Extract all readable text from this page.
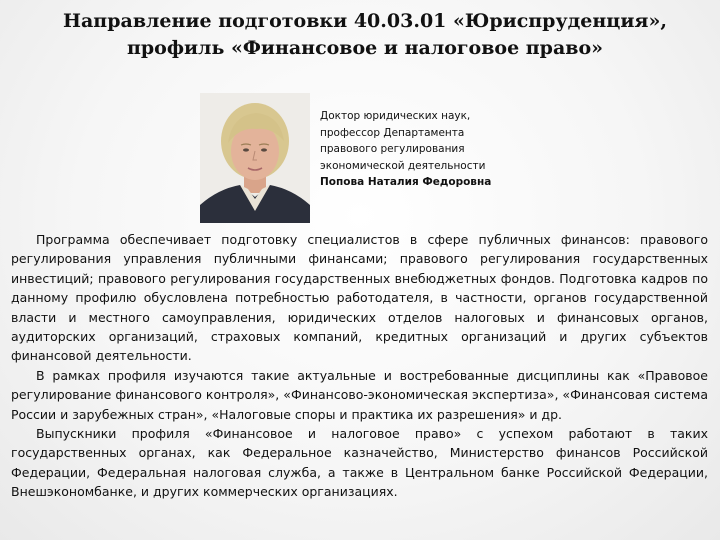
Направление подготовки 40.03.01 «Юриспруденция»,
профиль «Финансовое и налоговое право»
Доктор юридических наук,
профессор Департамента
правового регулирования
экономической деятельности
Попова Наталия Федоровна

Программа обеспечивает подготовку специалистов в сфере публичных финансов: правового регулирования управления публичными финансами; правового регулирования государственных инвестиций; правового регулирования государственных внебюджетных фондов. Подготовка кадров по данному профилю обусловлена потребностью работодателя, в частности, органов государственной власти и местного самоуправления, юридических отделов налоговых и финансовых органов, аудиторских организаций, страховых компаний, кредитных организаций и других субъектов финансовой деятельности.

В рамках профиля изучаются такие актуальные и востребованные дисциплины как «Правовое регулирование финансового контроля», «Финансово-экономическая экспертиза», «Финансовая система России и зарубежных стран», «Налоговые споры и практика их разрешения» и др.

Выпускники профиля «Финансовое и налоговое право» с успехом работают в таких государственных органах, как Федеральное казначейство, Министерство финансов Российской Федерации, Федеральная налоговая служба, а также в Центральном банке Российской Федерации, Внешэкономбанке, и других коммерческих организациях.
